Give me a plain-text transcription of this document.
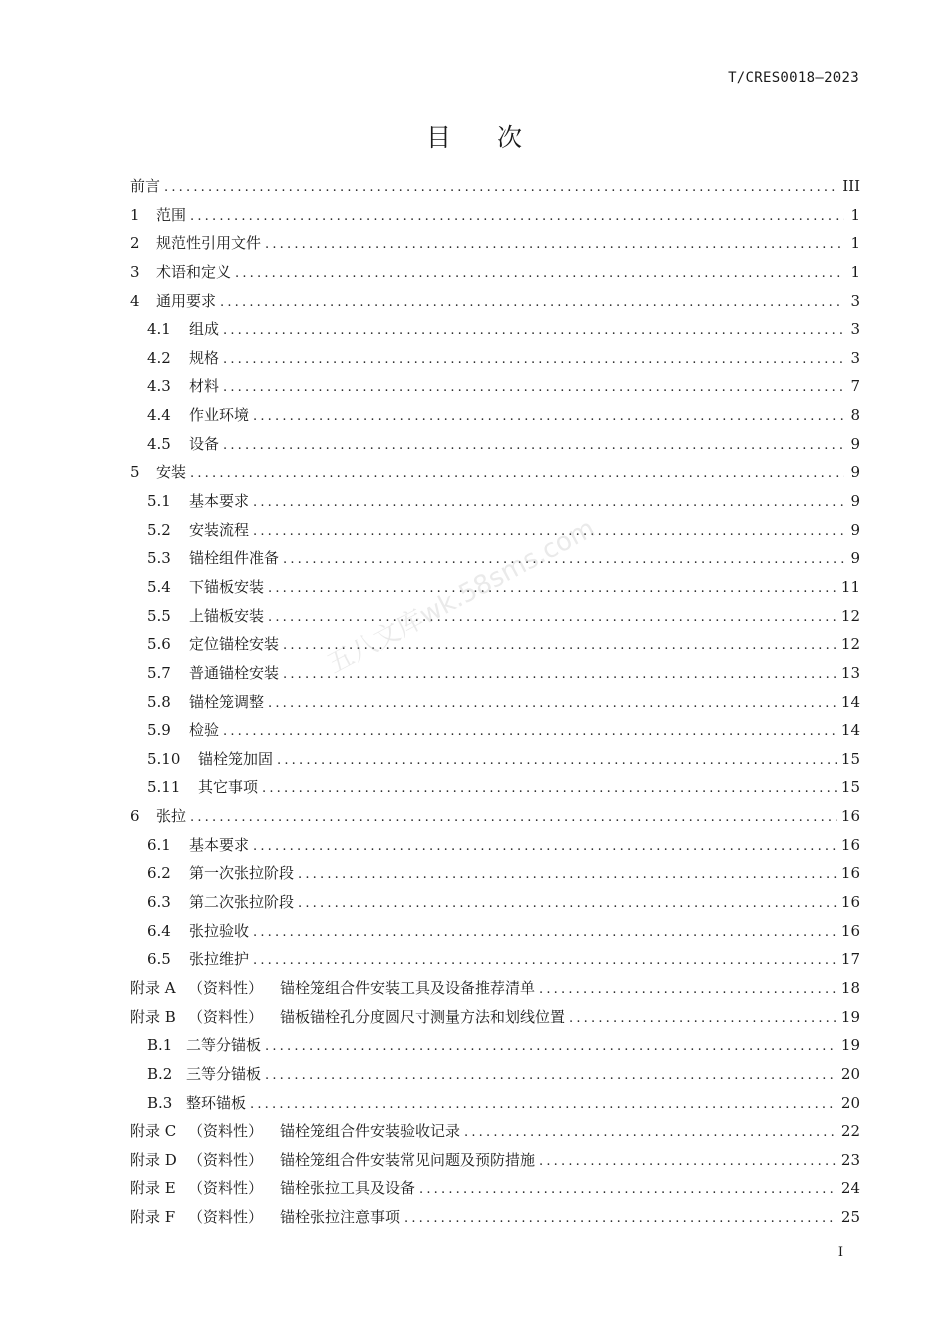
T/CRES0018—2023
目 次
前言 .....	III
1	范围 .....	1
2	规范性引用文件 .....	1
3	术语和定义 .....	1
4	通用要求 .....	3
4.1	组成 .....	3
4.2	规格 .....	3
4.3	材料 .....	7
4.4	作业环境 .....	8
4.5	设备 .....	9
5	安装 .....	9
5.1	基本要求 .....	9
5.2	安装流程 .....	9
5.3	锚栓组件准备 .....	9
5.4	下锚板安装 .....	11
5.5	上锚板安装 .....	12
5.6	定位锚栓安装 .....	12
5.7	普通锚栓安装 .....	13
5.8	锚栓笼调整 .....	14
5.9	检验 .....	14
5.10	锚栓笼加固 .....	15
5.11	其它事项 .....	15
6	张拉 .....	16
6.1	基本要求 .....	16
6.2	第一次张拉阶段 .....	16
6.3	第二次张拉阶段 .....	16
6.4	张拉验收 .....	16
6.5	张拉维护 .....	17
附录 A （资料性）	锚栓笼组合件安装工具及设备推荐清单 .....	18
附录 B （资料性）	锚板锚栓孔分度圆尺寸测量方法和划线位置 .....	19
B.1 二等分锚板 .....	19
B.2 三等分锚板 .....	20
B.3 整环锚板 .....	20
附录 C （资料性）	锚栓笼组合件安装验收记录 .....	22
附录 D （资料性）	锚栓笼组合件安装常见问题及预防措施 .....	23
附录 E （资料性）	锚栓张拉工具及设备 .....	24
附录 F （资料性）	锚栓张拉注意事项 .....	25
五八文库wk.58sms.com
I
